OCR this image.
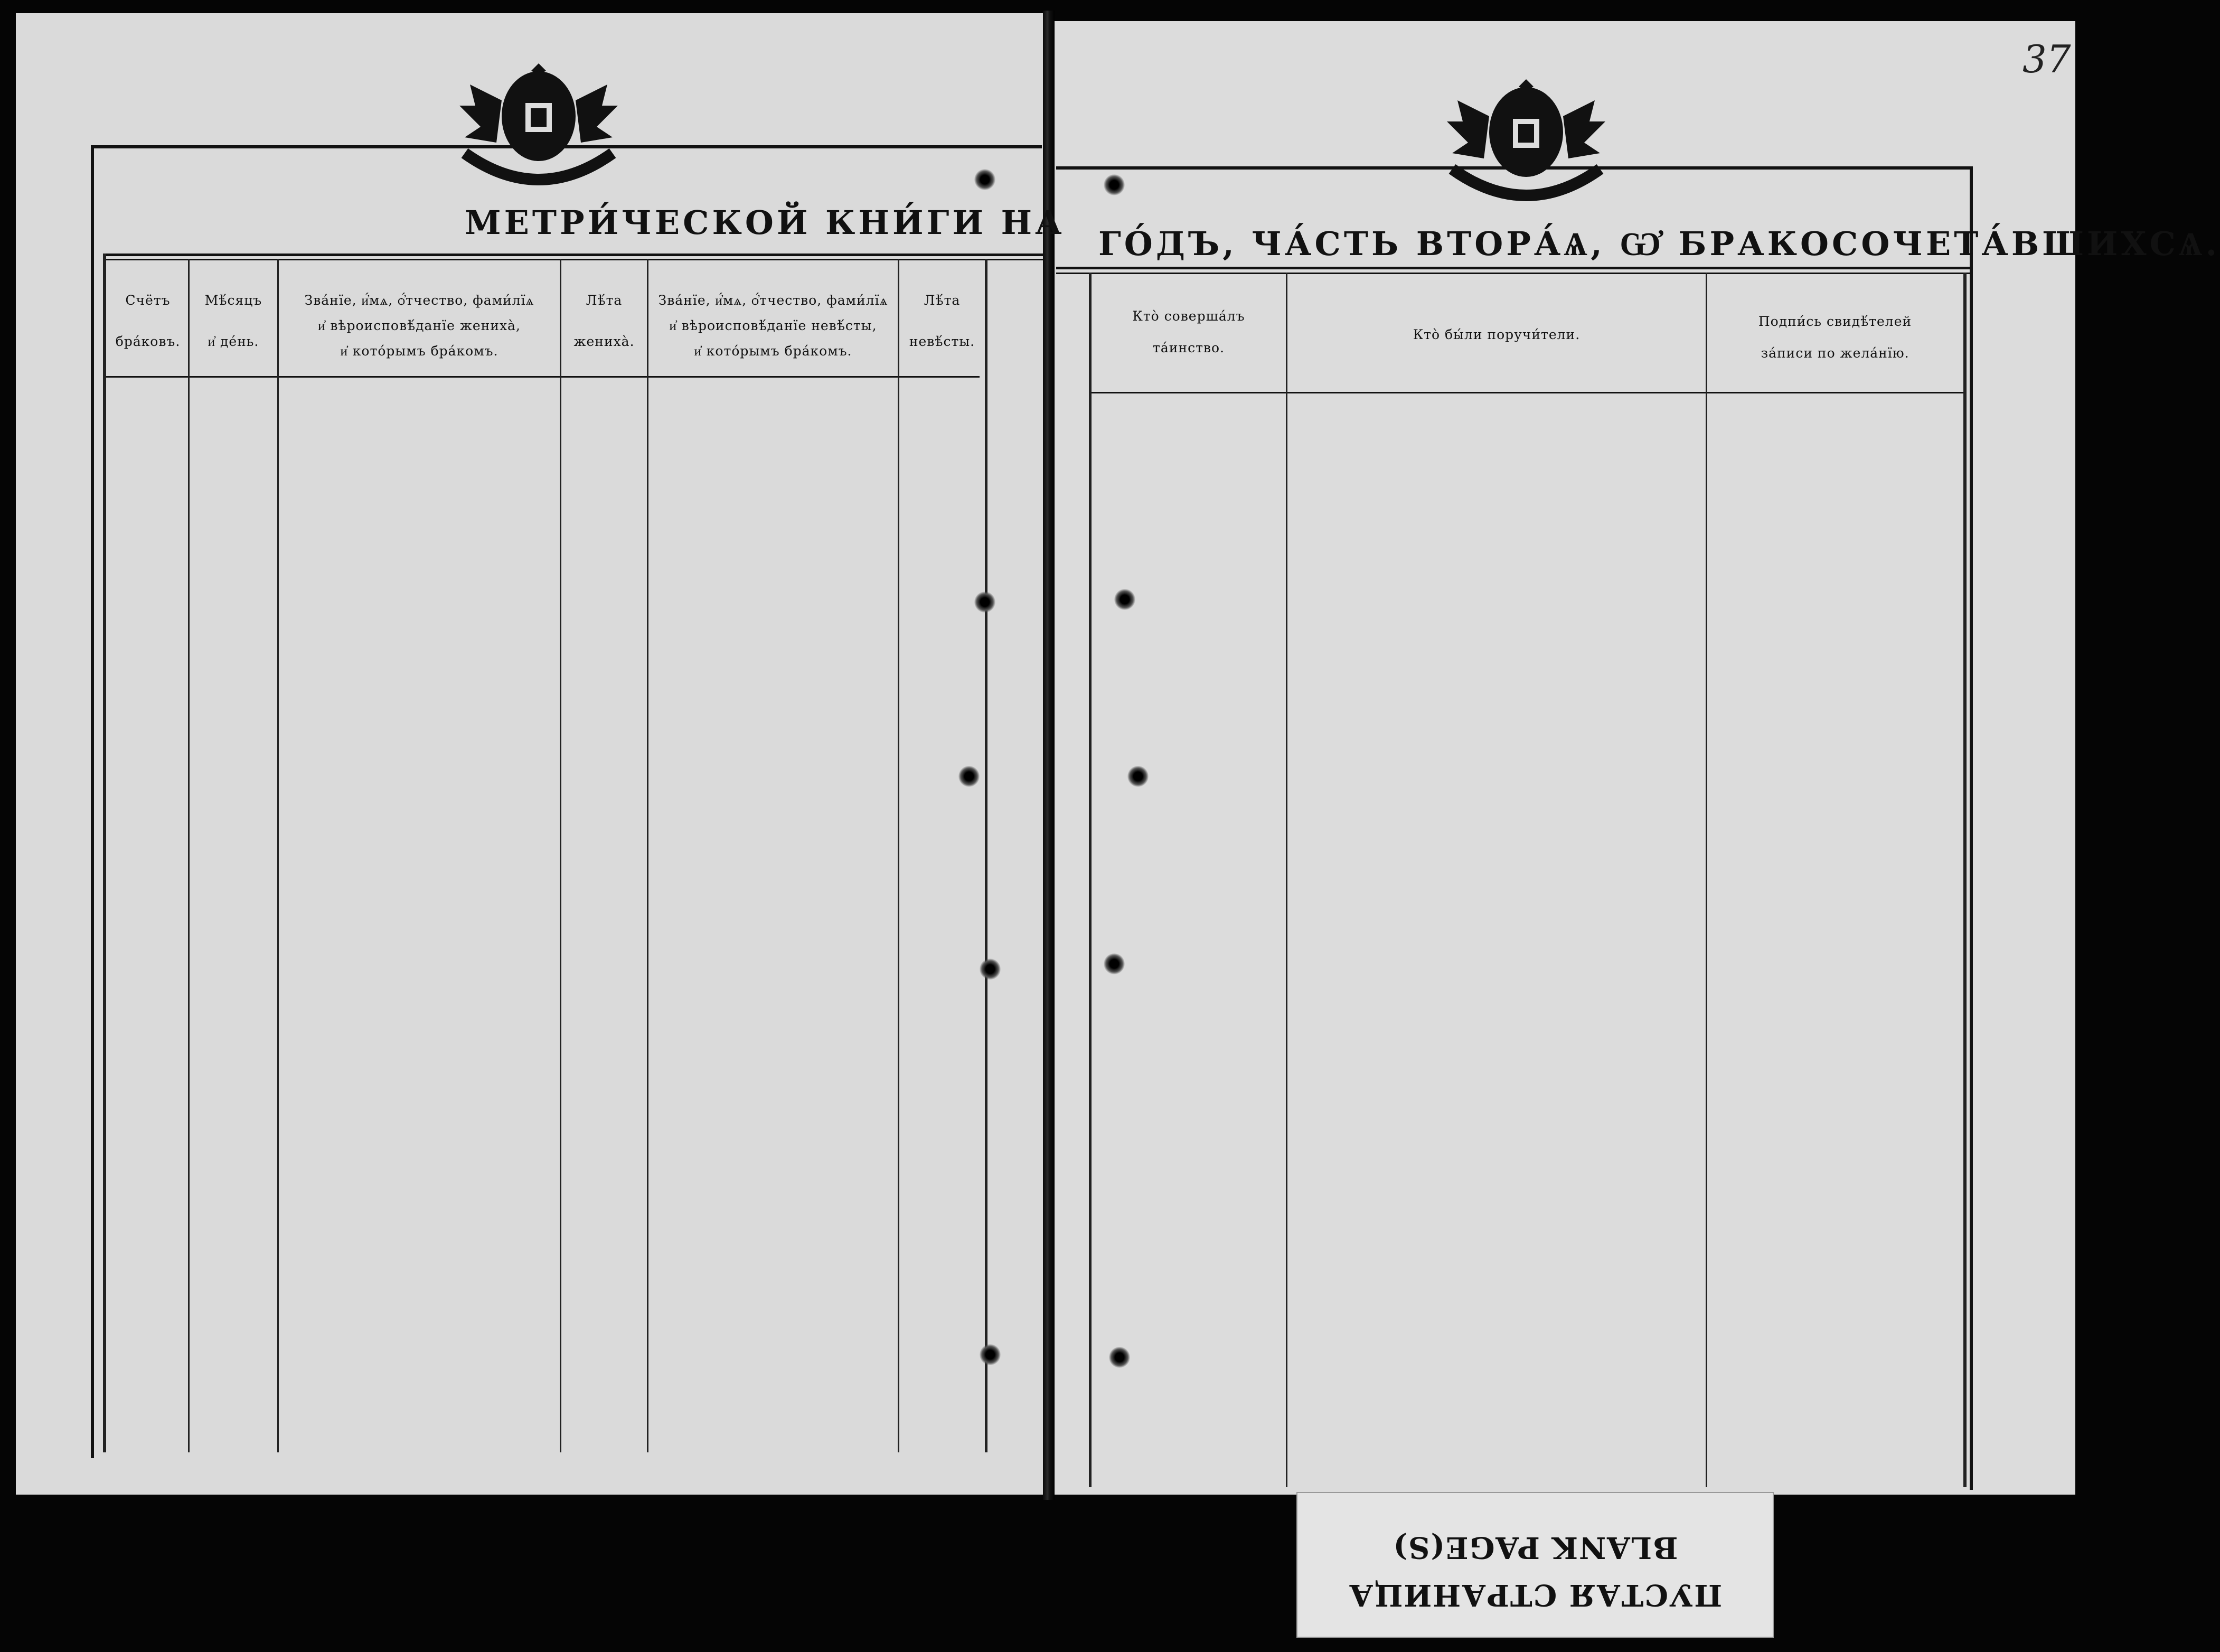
МЕТРИ́ЧЕСКОЙ КНИ́ГИ НА
Счётъ
бра́ковъ.
Мѣ́сяцъ
и҆ де́нь.
Зва́нїе, и҆́мѧ, ѻ҆́тчество, фами́лїѧ
и҆ вѣроисповѣ́данїе жениха̀,
и҆ кото́рымъ бра́комъ.
Лѣ́та
жениха̀.
Зва́нїе, и҆́мѧ, ѻ҆́тчество, фами́лїѧ
и҆ вѣроисповѣ́данїе невѣ́сты,
и҆ кото́рымъ бра́комъ.
Лѣ́та
невѣ́сты.
ГО́ДЪ, ЧА́СТЬ ВТОРА́Ѧ, Ѡ҆ БРАКОСОЧЕТА́ВШИХСѦ.
Кто̀ соверша́лъ
та́инство.
Кто̀ бы́ли поручи́тели.
Подпи́сь свидѣ́телей
за́писи по жела́нїю.
37
ПУСТАЯ СТРАНИЦА
BLANK PAGE(S)
